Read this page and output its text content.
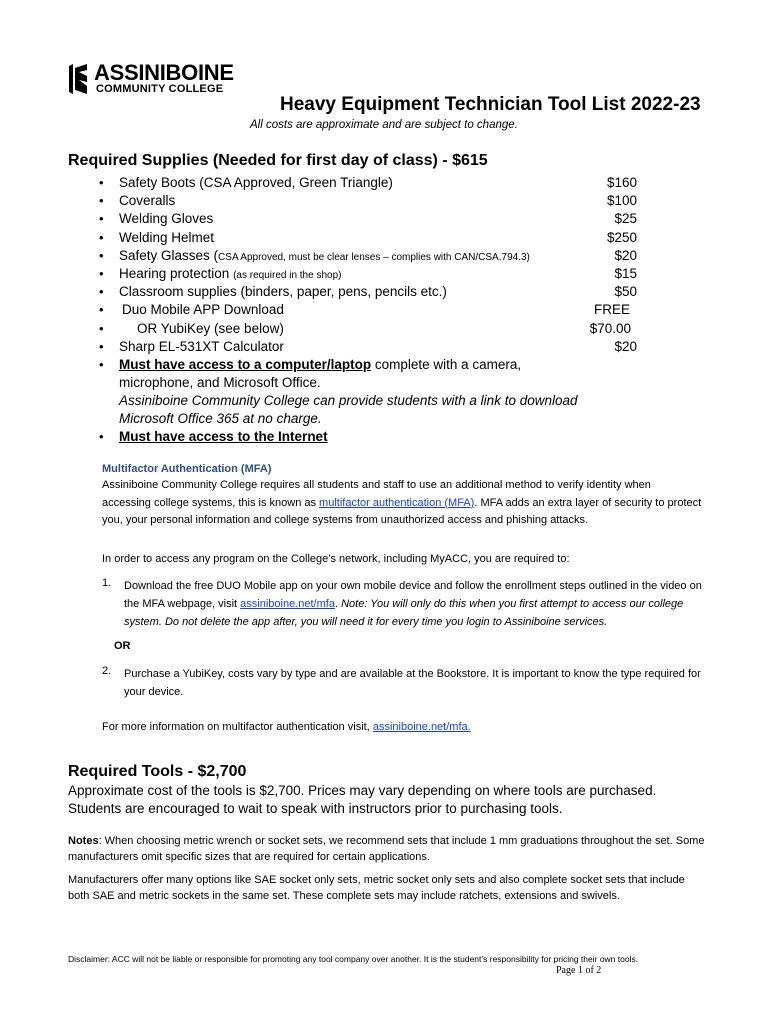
ASSINIBOINE
COMMUNITY COLLEGE
Heavy Equipment Technician Tool List 2022-23
All costs are approximate and are subject to change.
Required Supplies (Needed for first day of class) - $615
• Safety Boots (CSA Approved, Green Triangle)	$160
• Coveralls	$100
• Welding Gloves	$25
• Welding Helmet	$250
• Safety Glasses (CSA Approved, must be clear lenses – complies with CAN/CSA.794.3)	$20
• Hearing protection (as required in the shop)	$15
• Classroom supplies (binders, paper, pens, pencils etc.)	$50
• Duo Mobile APP Download	FREE
• OR YubiKey (see below)	$70.00
• Sharp EL-531XT Calculator	$20
• Must have access to a computer/laptop complete with a camera,
microphone, and Microsoft Office.
Assiniboine Community College can provide students with a link to download
Microsoft Office 365 at no charge.
• Must have access to the Internet
Multifactor Authentication (MFA)
Assiniboine Community College requires all students and staff to use an additional method to verify identity when accessing college systems, this is known as multifactor authentication (MFA). MFA adds an extra layer of security to protect you, your personal information and college systems from unauthorized access and phishing attacks.
In order to access any program on the College’s network, including MyACC, you are required to:
1. Download the free DUO Mobile app on your own mobile device and follow the enrollment steps outlined in the video on the MFA webpage, visit assiniboine.net/mfa. Note: You will only do this when you first attempt to access our college system. Do not delete the app after, you will need it for every time you login to Assiniboine services.
OR
2. Purchase a YubiKey, costs vary by type and are available at the Bookstore. It is important to know the type required for your device.
For more information on multifactor authentication visit, assiniboine.net/mfa.
Required Tools - $2,700
Approximate cost of the tools is $2,700. Prices may vary depending on where tools are purchased. Students are encouraged to wait to speak with instructors prior to purchasing tools.
Notes: When choosing metric wrench or socket sets, we recommend sets that include 1 mm graduations throughout the set. Some manufacturers omit specific sizes that are required for certain applications.
Manufacturers offer many options like SAE socket only sets, metric socket only sets and also complete socket sets that include both SAE and metric sockets in the same set. These complete sets may include ratchets, extensions and swivels.
Disclaimer: ACC will not be liable or responsible for promoting any tool company over another. It is the student’s responsibility for pricing their own tools.
Page 1 of 2
